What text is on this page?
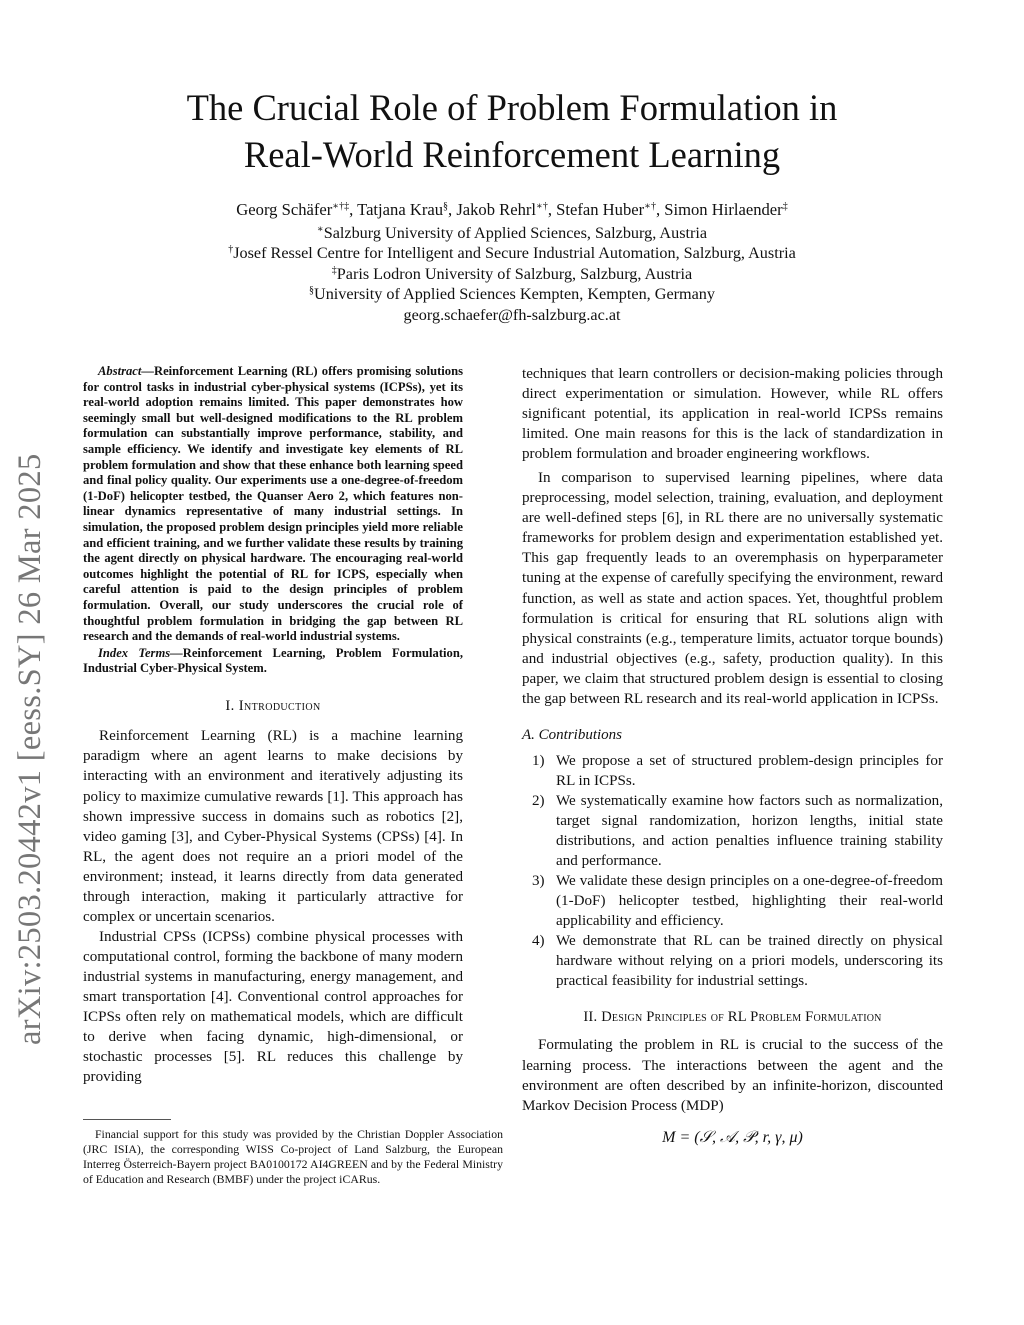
arXiv:2503.20442v1 [eess.SY] 26 Mar 2025
The Crucial Role of Problem Formulation in
Real-World Reinforcement Learning
Georg Schäfer∗†‡, Tatjana Krau§, Jakob Rehrl∗†, Stefan Huber∗†, Simon Hirlaender‡
∗Salzburg University of Applied Sciences, Salzburg, Austria
†Josef Ressel Centre for Intelligent and Secure Industrial Automation, Salzburg, Austria
‡Paris Lodron University of Salzburg, Salzburg, Austria
§University of Applied Sciences Kempten, Kempten, Germany
georg.schaefer@fh-salzburg.ac.at

Abstract—Reinforcement Learning (RL) offers promising solutions for control tasks in industrial cyber-physical systems (ICPSs), yet its real-world adoption remains limited. This paper demonstrates how seemingly small but well-designed modifications to the RL problem formulation can substantially improve performance, stability, and sample efficiency. We identify and investigate key elements of RL problem formulation and show that these enhance both learning speed and final policy quality. Our experiments use a one-degree-of-freedom (1-DoF) helicopter testbed, the Quanser Aero 2, which features non-linear dynamics representative of many industrial settings. In simulation, the proposed problem design principles yield more reliable and efficient training, and we further validate these results by training the agent directly on physical hardware. The encouraging real-world outcomes highlight the potential of RL for ICPS, especially when careful attention is paid to the design principles of problem formulation. Overall, our study underscores the crucial role of thoughtful problem formulation in bridging the gap between RL research and the demands of real-world industrial systems.

Index Terms—Reinforcement Learning, Problem Formulation, Industrial Cyber-Physical System.

I. Introduction

Reinforcement Learning (RL) is a machine learning paradigm where an agent learns to make decisions by interacting with an environment and iteratively adjusting its policy to maximize cumulative rewards [1]. This approach has shown impressive success in domains such as robotics [2], video gaming [3], and Cyber-Physical Systems (CPSs) [4]. In RL, the agent does not require an a priori model of the environment; instead, it learns directly from data generated through interaction, making it particularly attractive for complex or uncertain scenarios.

Industrial CPSs (ICPSs) combine physical processes with computational control, forming the backbone of many modern industrial systems in manufacturing, energy management, and smart transportation [4]. Conventional control approaches for ICPSs often rely on mathematical models, which are difficult to derive when facing dynamic, high-dimensional, or stochastic processes [5]. RL reduces this challenge by providing

Financial support for this study was provided by the Christian Doppler Association (JRC ISIA), the corresponding WISS Co-project of Land Salzburg, the European Interreg Österreich-Bayern project BA0100172 AI4GREEN and by the Federal Ministry of Education and Research (BMBF) under the project iCARus.

techniques that learn controllers or decision-making policies through direct experimentation or simulation. However, while RL offers significant potential, its application in real-world ICPSs remains limited. One main reasons for this is the lack of standardization in problem formulation and broader engineering workflows.

In comparison to supervised learning pipelines, where data preprocessing, model selection, training, evaluation, and deployment are well-defined steps [6], in RL there are no universally systematic frameworks for problem design and experimentation established yet. This gap frequently leads to an overemphasis on hyperparameter tuning at the expense of carefully specifying the environment, reward function, as well as state and action spaces. Yet, thoughtful problem formulation is critical for ensuring that RL solutions align with physical constraints (e.g., temperature limits, actuator torque bounds) and industrial objectives (e.g., safety, production quality). In this paper, we claim that structured problem design is essential to closing the gap between RL research and its real-world application in ICPSs.

A. Contributions
1) We propose a set of structured problem-design principles for RL in ICPSs.
2) We systematically examine how factors such as normalization, target signal randomization, horizon lengths, initial state distributions, and action penalties influence training stability and performance.
3) We validate these design principles on a one-degree-of-freedom (1-DoF) helicopter testbed, highlighting their real-world applicability and efficiency.
4) We demonstrate that RL can be trained directly on physical hardware without relying on a priori models, underscoring its practical feasibility for industrial settings.
II. Design Principles of RL Problem Formulation

Formulating the problem in RL is crucial to the success of the learning process. The interactions between the agent and the environment are often described by an infinite-horizon, discounted Markov Decision Process (MDP)

M = (𝒮, 𝒜, 𝒫, r, γ, μ)
